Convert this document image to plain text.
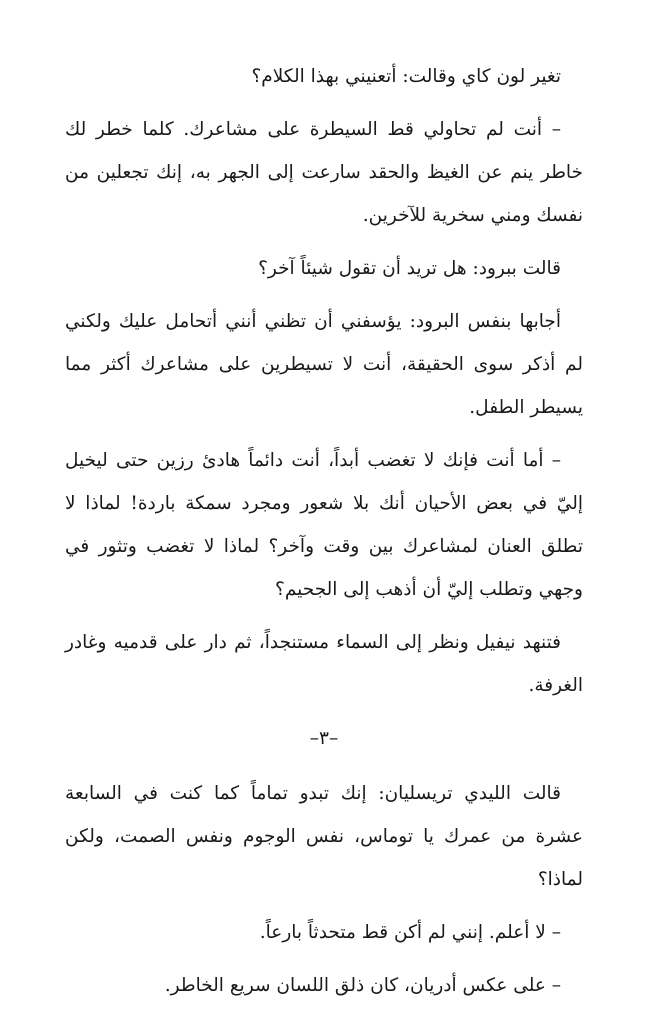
تغير لون كاي وقالت: أتعنيني بهذا الكلام؟

– أنت لم تحاولي قط السيطرة على مشاعرك. كلما خطر لك خاطر ينم عن الغيظ والحقد سارعت إلى الجهر به، إنك تجعلين من نفسك ومني سخرية للآخرين.

قالت ببرود: هل تريد أن تقول شيئاً آخر؟

أجابها بنفس البرود: يؤسفني أن تظني أنني أتحامل عليك ولكني لم أذكر سوى الحقيقة، أنت لا تسيطرين على مشاعرك أكثر مما يسيطر الطفل.

– أما أنت فإنك لا تغضب أبداً، أنت دائماً هادئ رزين حتى ليخيل إليّ في بعض الأحيان أنك بلا شعور ومجرد سمكة باردة! لماذا لا تطلق العنان لمشاعرك بين وقت وآخر؟ لماذا لا تغضب وتثور في وجهي وتطلب إليّ أن أذهب إلى الجحيم؟

فتنهد نيفيل ونظر إلى السماء مستنجداً، ثم دار على قدميه وغادر الغرفة.

–٣–

قالت الليدي تريسليان: إنك تبدو تماماً كما كنت في السابعة عشرة من عمرك يا توماس، نفس الوجوم ونفس الصمت، ولكن لماذا؟

– لا أعلم. إنني لم أكن قط متحدثاً بارعاً.

– على عكس أدريان، كان ذلق اللسان سريع الخاطر.
